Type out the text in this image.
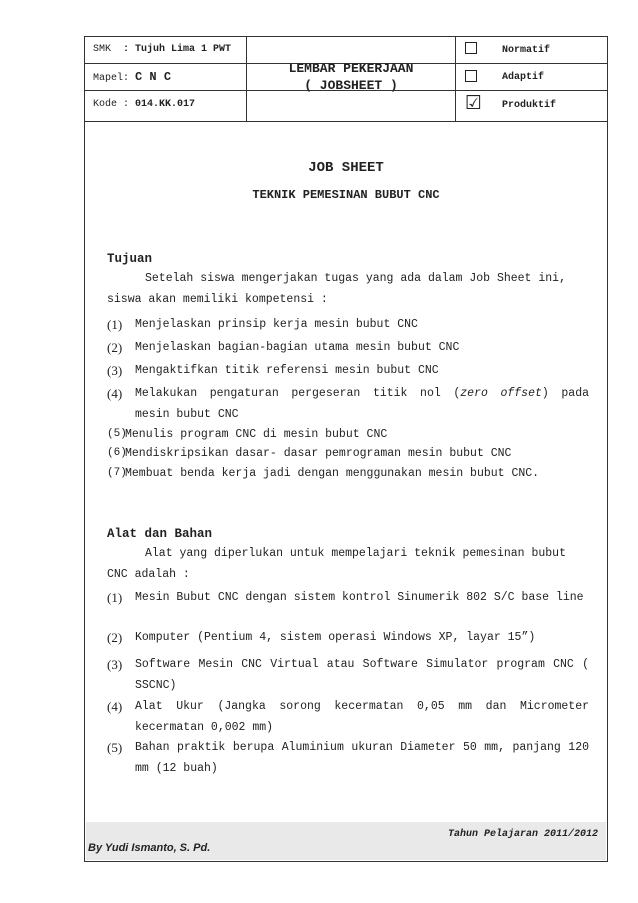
SMK : Tujuh Lima 1 PWT
Mapel: C N C
Kode : 014.KK.017
LEMBAR PEKERJAAN
( JOBSHEET )
Normatif
Adaptif
☑ Produktif
JOB SHEET
TEKNIK PEMESINAN BUBUT CNC
Tujuan
Setelah siswa mengerjakan tugas yang ada dalam Job Sheet ini, siswa akan memiliki kompetensi :
(1) Menjelaskan prinsip kerja mesin bubut CNC
(2) Menjelaskan bagian-bagian utama mesin bubut CNC
(3) Mengaktifkan titik referensi mesin bubut CNC
(4) Melakukan pengaturan pergeseran titik nol (zero offset) pada mesin bubut CNC
(5)
Menulis program CNC di mesin bubut CNC
(6)
Mendiskripsikan dasar- dasar pemrograman mesin bubut CNC
(7)
Membuat benda kerja jadi dengan menggunakan mesin bubut CNC.
Alat dan Bahan
Alat yang diperlukan untuk mempelajari teknik pemesinan bubut CNC adalah :
(1) Mesin Bubut CNC dengan sistem kontrol Sinumerik 802 S/C base line
(2) Komputer (Pentium 4, sistem operasi Windows XP, layar 15”)
(3) Software Mesin CNC Virtual atau Software Simulator program CNC ( SSCNC)
(4) Alat Ukur (Jangka sorong kecermatan 0,05 mm dan Micrometer kecermatan 0,002 mm)
(5) Bahan praktik berupa Aluminium ukuran Diameter 50 mm, panjang 120 mm (12 buah)
By Yudi Ismanto, S. Pd.
Tahun Pelajaran 2011/2012
